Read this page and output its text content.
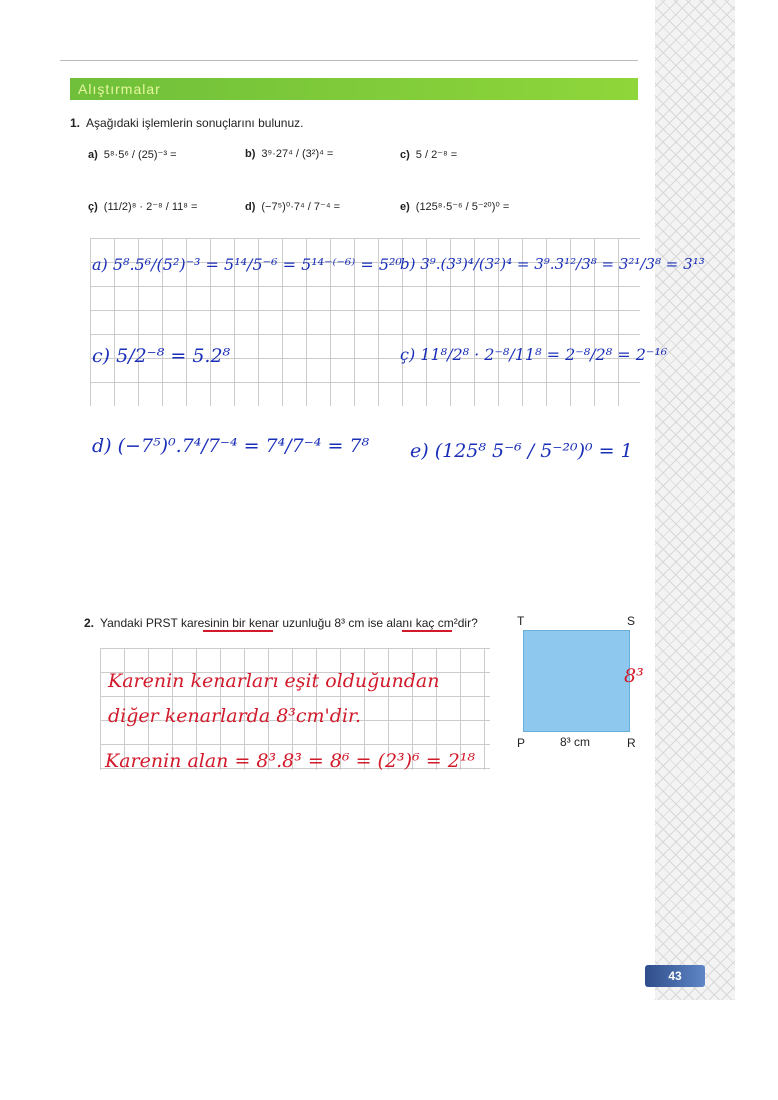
Alıştırmalar
1. Aşağıdaki işlemlerin sonuçlarını bulunuz.
a) 5⁸·5⁶ / (25)⁻³ =	b) 3⁹·27⁴ / (3²)⁴ =	c) 5 / 2⁻⁸ =
ç) (11/2)⁸ · 2⁻⁸ / 11⁸ =	d) (−7⁵)⁰·7⁴ / 7⁻⁴ =	e) (125⁸·5⁻⁶ / 5⁻²⁰)⁰ =
a) 5⁸.5⁶/(5²)⁻³ = 5¹⁴/5⁻⁶ = 5¹⁴⁻⁽⁻⁶⁾ = 5²⁰
b) 3⁹.(3³)⁴/(3²)⁴ = 3⁹.3¹²/3⁸ = 3²¹/3⁸ = 3¹³
c) 5/2⁻⁸ = 5.2⁸	ç) 11⁸/2⁸ · 2⁻⁸/11⁸ = 2⁻⁸/2⁸ = 2⁻¹⁶
d) (−7⁵)⁰.7⁴/7⁻⁴ = 7⁴/7⁻⁴ = 7⁸ e) (125⁸ 5⁻⁶ / 5⁻²⁰)⁰ = 1
2. Yandaki PRST karesinin bir kenar uzunluğu 8³ cm ise alanı kaç cm²dir?
Karenin kenarları eşit olduğundan
diğer kenarlarda 8³cm'dir.
Karenin alan = 8³.8³ = 8⁶ = (2³)⁶ = 2¹⁸
T	S
P	R
8³ cm
8³
43
